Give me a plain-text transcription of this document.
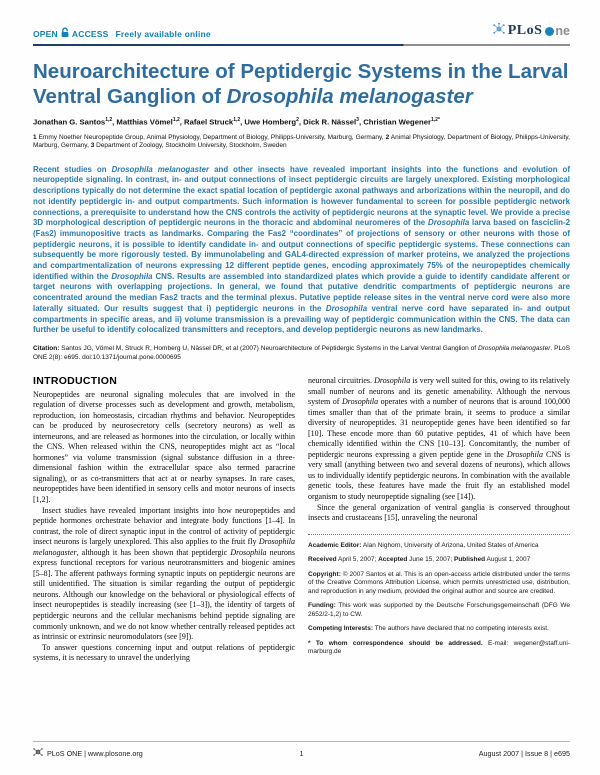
OPEN ACCESS Freely available online	PLoS ne
Neuroarchitecture of Peptidergic Systems in the Larval Ventral Ganglion of Drosophila melanogaster

Jonathan G. Santos$^{1,2}$, Matthias Vömel$^{1,2}$, Rafael Struck$^{1,2}$, Uwe Homberg$^2$, Dick R. Nässel$^3$, Christian Wegener$^{1,2*}$

1 Emmy Noether Neuropeptide Group, Animal Physiology, Department of Biology, Philipps-University, Marburg, Germany, 2 Animal Physiology, Department of Biology, Philipps-University, Marburg, Germany, 3 Department of Zoology, Stockholm University, Stockholm, Sweden

Recent studies on Drosophila melanogaster and other insects have revealed important insights into the functions and evolution of neuropeptide signaling. In contrast, in- and output connections of insect peptidergic circuits are largely unexplored. Existing morphological descriptions typically do not determine the exact spatial location of peptidergic axonal pathways and arborizations within the neuropil, and do not identify peptidergic in- and output compartments. Such information is however fundamental to screen for possible peptidergic network connections, a prerequisite to understand how the CNS controls the activity of peptidergic neurons at the synaptic level. We provide a precise 3D morphological description of peptidergic neurons in the thoracic and abdominal neuromeres of the Drosophila larva based on fasciclin-2 (Fas2) immunopositive tracts as landmarks. Comparing the Fas2 “coordinates” of projections of sensory or other neurons with those of peptidergic neurons, it is possible to identify candidate in- and output connections of specific peptidergic systems. These connections can subsequently be more rigorously tested. By immunolabeling and GAL4-directed expression of marker proteins, we analyzed the projections and compartmentalization of neurons expressing 12 different peptide genes, encoding approximately 75% of the neuropeptides chemically identified within the Drosophila CNS. Results are assembled into standardized plates which provide a guide to identify candidate afferent or target neurons with overlapping projections. In general, we found that putative dendritic compartments of peptidergic neurons are concentrated around the median Fas2 tracts and the terminal plexus. Putative peptide release sites in the ventral nerve cord were also more laterally situated. Our results suggest that i) peptidergic neurons in the Drosophila ventral nerve cord have separated in- and output compartments in specific areas, and ii) volume transmission is a prevailing way of peptidergic communication within the CNS. The data can further be useful to identify colocalized transmitters and receptors, and develop peptidergic neurons as new landmarks.

Citation: Santos JG, Vömel M, Struck R, Homberg U, Nässel DR, et al (2007) Neuroarchitecture of Peptidergic Systems in the Larval Ventral Ganglion of Drosophila melanogaster. PLoS ONE 2(8): e695. doi:10.1371/journal.pone.0000695

INTRODUCTION

Neuropeptides are neuronal signaling molecules that are involved in the regulation of diverse processes such as development and growth, metabolism, reproduction, ion homeostasis, circadian rhythms and behavior. Neuropeptides can be produced by neurosecretory cells (secretory neurons) as well as interneurons, and are released as hormones into the circulation, or locally within the CNS. When released within the CNS, neuropeptides might act as “local hormones” via volume transmission (signal substance diffusion in a three-dimensional fashion within the extracellular space also termed paracrine signaling), or as co-transmitters that act at or nearby synapses. In rare cases, neuropeptides have been identified in sensory cells and motor neurons of insects [1,2].

Insect studies have revealed important insights into how neuropeptides and peptide hormones orchestrate behavior and integrate body functions [1–4]. In contrast, the role of direct synaptic input in the control of activity of peptidergic insect neurons is largely unexplored. This also applies to the fruit fly Drosophila melanogaster, although it has been shown that peptidergic Drosophila neurons express functional receptors for various neurotransmitters and biogenic amines [5–8]. The afferent pathways forming synaptic inputs on peptidergic neurons are still unidentified. The situation is similar regarding the output of peptidergic neurons. Although our knowledge on the behavioral or physiological effects of insect neuropeptides is steadily increasing (see [1–3]), the identity of targets of peptidergic neurons and the cellular mechanisms behind peptide signaling are commonly unknown, and we do not know whether centrally released peptides act as intrinsic or extrinsic neuromodulators (see [9]).

To answer questions concerning input and output relations of peptidergic systems, it is necessary to unravel the underlying

neuronal circuitries. Drosophila is very well suited for this, owing to its relatively small number of neurons and its genetic amenability. Although the nervous system of Drosophila operates with a number of neurons that is around 100,000 times smaller than that of the primate brain, it seems to produce a similar diversity of neuropeptides. 31 neuropeptide genes have been identified so far [10]. These encode more than 60 putative peptides, 41 of which have been chemically identified within the CNS [10–13]. Concomitantly, the number of peptidergic neurons expressing a given peptide gene in the Drosophila CNS is very small (anything between two and several dozens of neurons), which allows us to individually identify peptidergic neurons. In combination with the available genetic tools, these features have made the fruit fly an established model organism to study neuropeptide signaling (see [14]).

Since the general organization of ventral ganglia is conserved throughout insects and crustaceans [15], unraveling the neuronal

Academic Editor: Alan Nighorn, University of Arizona, United States of America

Received April 5, 2007; Accepted June 15, 2007; Published August 1, 2007

Copyright: © 2007 Santos et al. This is an open-access article distributed under the terms of the Creative Commons Attribution License, which permits unrestricted use, distribution, and reproduction in any medium, provided the original author and source are credited.

Funding: This work was supported by the Deutsche Forschungsgemeinschaft (DFG We 2652/2-1,2) to CW.

Competing Interests: The authors have declared that no competing interests exist.

* To whom correspondence should be addressed. E-mail: wegener@staff.uni-marburg.de

PLoS ONE | www.plosone.org	1	August 2007 | Issue 8 | e695
